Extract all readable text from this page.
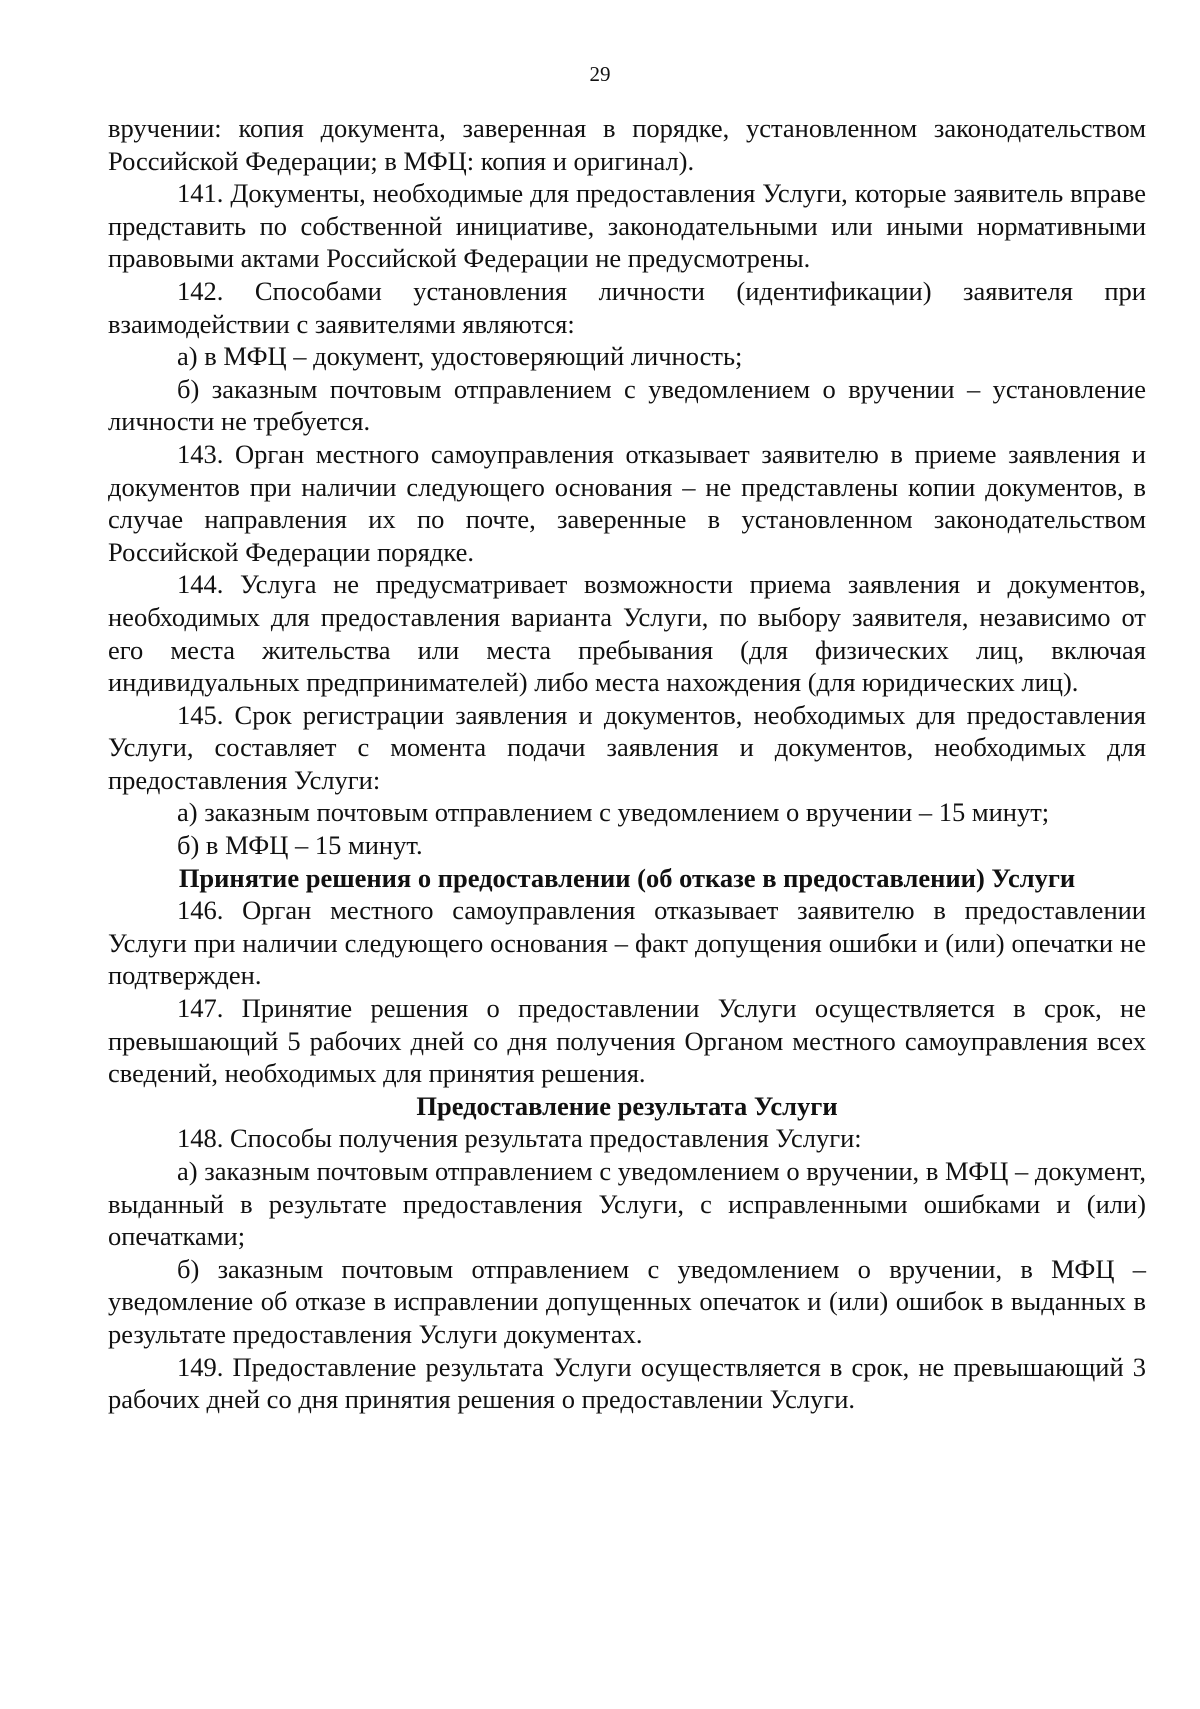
29

вручении: копия документа, заверенная в порядке, установленном законодательством Российской Федерации; в МФЦ: копия и оригинал).

141. Документы, необходимые для предоставления Услуги, которые заявитель вправе представить по собственной инициативе, законодательными или иными нормативными правовыми актами Российской Федерации не предусмотрены.

142. Способами установления личности (идентификации) заявителя при взаимодействии с заявителями являются:

а) в МФЦ – документ, удостоверяющий личность;

б) заказным почтовым отправлением с уведомлением о вручении – установление личности не требуется.

143. Орган местного самоуправления отказывает заявителю в приеме заявления и документов при наличии следующего основания – не представлены копии документов, в случае направления их по почте, заверенные в установленном законодательством Российской Федерации порядке.

144. Услуга не предусматривает возможности приема заявления и документов, необходимых для предоставления варианта Услуги, по выбору заявителя, независимо от его места жительства или места пребывания (для физических лиц, включая индивидуальных предпринимателей) либо места нахождения (для юридических лиц).

145. Срок регистрации заявления и документов, необходимых для предоставления Услуги, составляет с момента подачи заявления и документов, необходимых для предоставления Услуги:

а) заказным почтовым отправлением с уведомлением о вручении – 15 минут;

б) в МФЦ – 15 минут.

Принятие решения о предоставлении (об отказе в предоставлении) Услуги

146. Орган местного самоуправления отказывает заявителю в предоставлении Услуги при наличии следующего основания – факт допущения ошибки и (или) опечатки не подтвержден.

147. Принятие решения о предоставлении Услуги осуществляется в срок, не превышающий 5 рабочих дней со дня получения Органом местного самоуправления всех сведений, необходимых для принятия решения.

Предоставление результата Услуги

148. Способы получения результата предоставления Услуги:

а) заказным почтовым отправлением с уведомлением о вручении, в МФЦ – документ, выданный в результате предоставления Услуги, с исправленными ошибками и (или) опечатками;

б) заказным почтовым отправлением с уведомлением о вручении, в МФЦ – уведомление об отказе в исправлении допущенных опечаток и (или) ошибок в выданных в результате предоставления Услуги документах.

149. Предоставление результата Услуги осуществляется в срок, не превышающий 3 рабочих дней со дня принятия решения о предоставлении Услуги.
